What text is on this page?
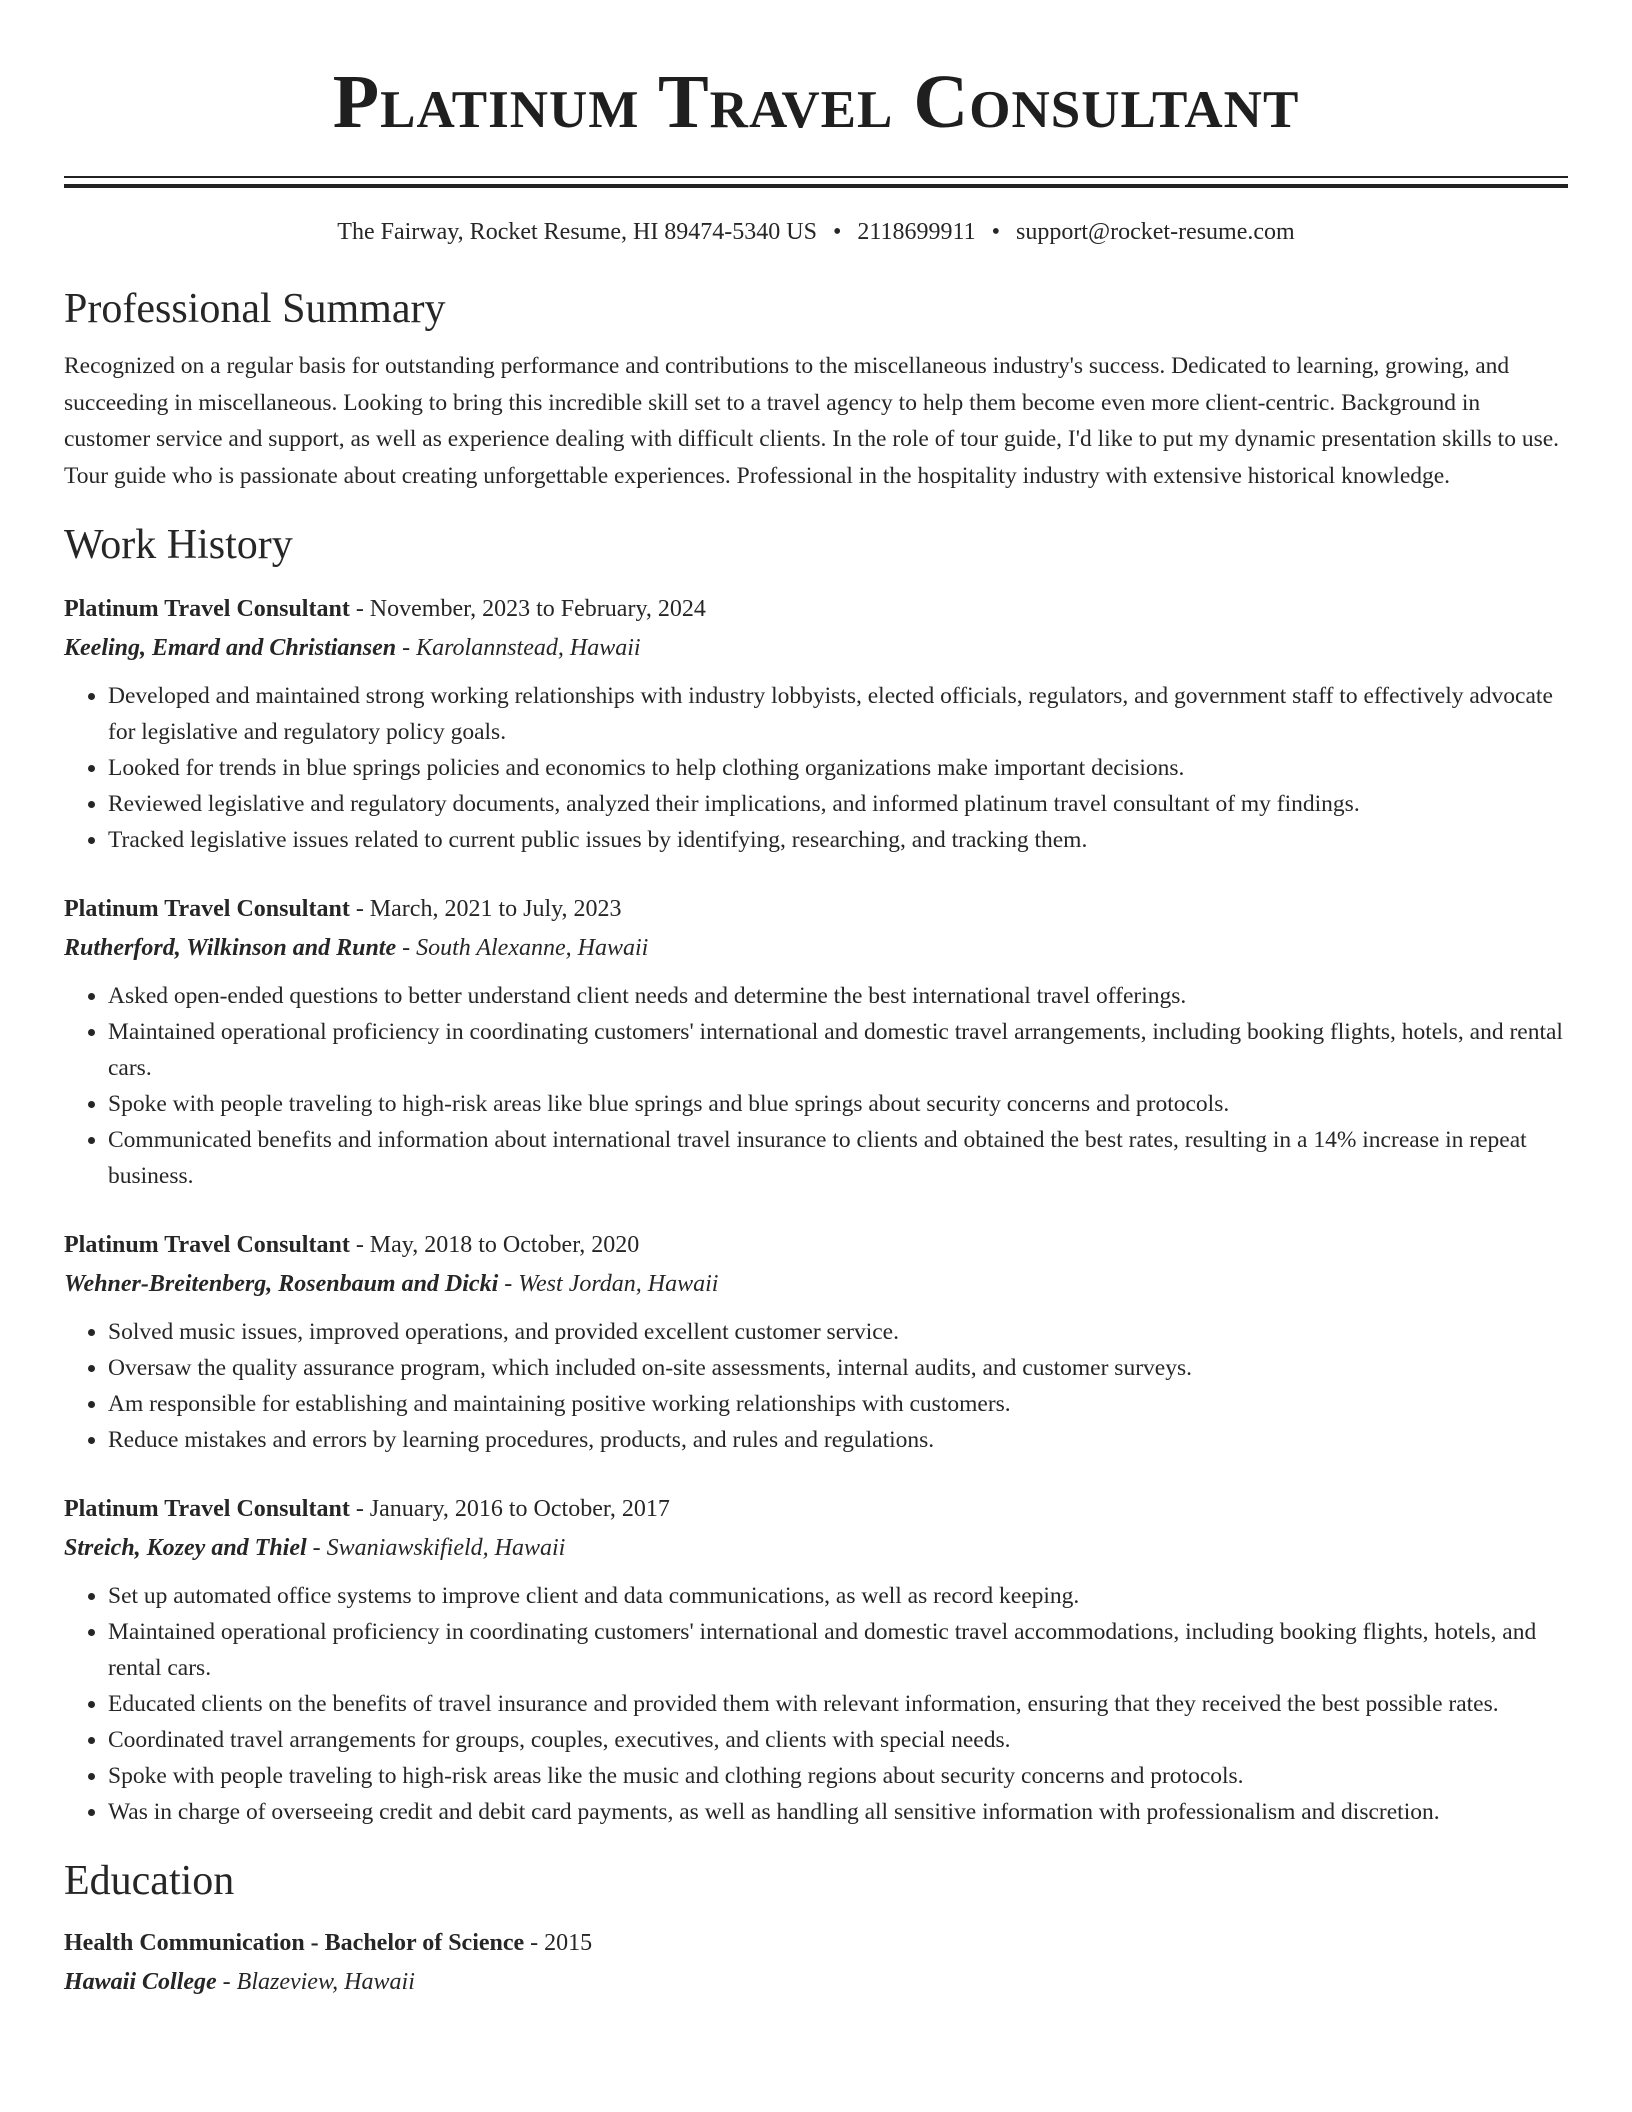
Platinum Travel Consultant
The Fairway, Rocket Resume, HI 89474-5340 US • 2118699911 • support@rocket-resume.com
Professional Summary
Recognized on a regular basis for outstanding performance and contributions to the miscellaneous industry's success. Dedicated to learning, growing, and succeeding in miscellaneous. Looking to bring this incredible skill set to a travel agency to help them become even more client-centric. Background in customer service and support, as well as experience dealing with difficult clients. In the role of tour guide, I'd like to put my dynamic presentation skills to use. Tour guide who is passionate about creating unforgettable experiences. Professional in the hospitality industry with extensive historical knowledge.
Work History
Platinum Travel Consultant - November, 2023 to February, 2024
Keeling, Emard and Christiansen - Karolannstead, Hawaii
• Developed and maintained strong working relationships with industry lobbyists, elected officials, regulators, and government staff to effectively advocate for legislative and regulatory policy goals.
• Looked for trends in blue springs policies and economics to help clothing organizations make important decisions.
• Reviewed legislative and regulatory documents, analyzed their implications, and informed platinum travel consultant of my findings.
• Tracked legislative issues related to current public issues by identifying, researching, and tracking them.
Platinum Travel Consultant - March, 2021 to July, 2023
Rutherford, Wilkinson and Runte - South Alexanne, Hawaii
• Asked open-ended questions to better understand client needs and determine the best international travel offerings.
• Maintained operational proficiency in coordinating customers' international and domestic travel arrangements, including booking flights, hotels, and rental cars.
• Spoke with people traveling to high-risk areas like blue springs and blue springs about security concerns and protocols.
• Communicated benefits and information about international travel insurance to clients and obtained the best rates, resulting in a 14% increase in repeat business.
Platinum Travel Consultant - May, 2018 to October, 2020
Wehner-Breitenberg, Rosenbaum and Dicki - West Jordan, Hawaii
• Solved music issues, improved operations, and provided excellent customer service.
• Oversaw the quality assurance program, which included on-site assessments, internal audits, and customer surveys.
• Am responsible for establishing and maintaining positive working relationships with customers.
• Reduce mistakes and errors by learning procedures, products, and rules and regulations.
Platinum Travel Consultant - January, 2016 to October, 2017
Streich, Kozey and Thiel - Swaniawskifield, Hawaii
• Set up automated office systems to improve client and data communications, as well as record keeping.
• Maintained operational proficiency in coordinating customers' international and domestic travel accommodations, including booking flights, hotels, and rental cars.
• Educated clients on the benefits of travel insurance and provided them with relevant information, ensuring that they received the best possible rates.
• Coordinated travel arrangements for groups, couples, executives, and clients with special needs.
• Spoke with people traveling to high-risk areas like the music and clothing regions about security concerns and protocols.
• Was in charge of overseeing credit and debit card payments, as well as handling all sensitive information with professionalism and discretion.
Education
Health Communication - Bachelor of Science - 2015
Hawaii College - Blazeview, Hawaii
